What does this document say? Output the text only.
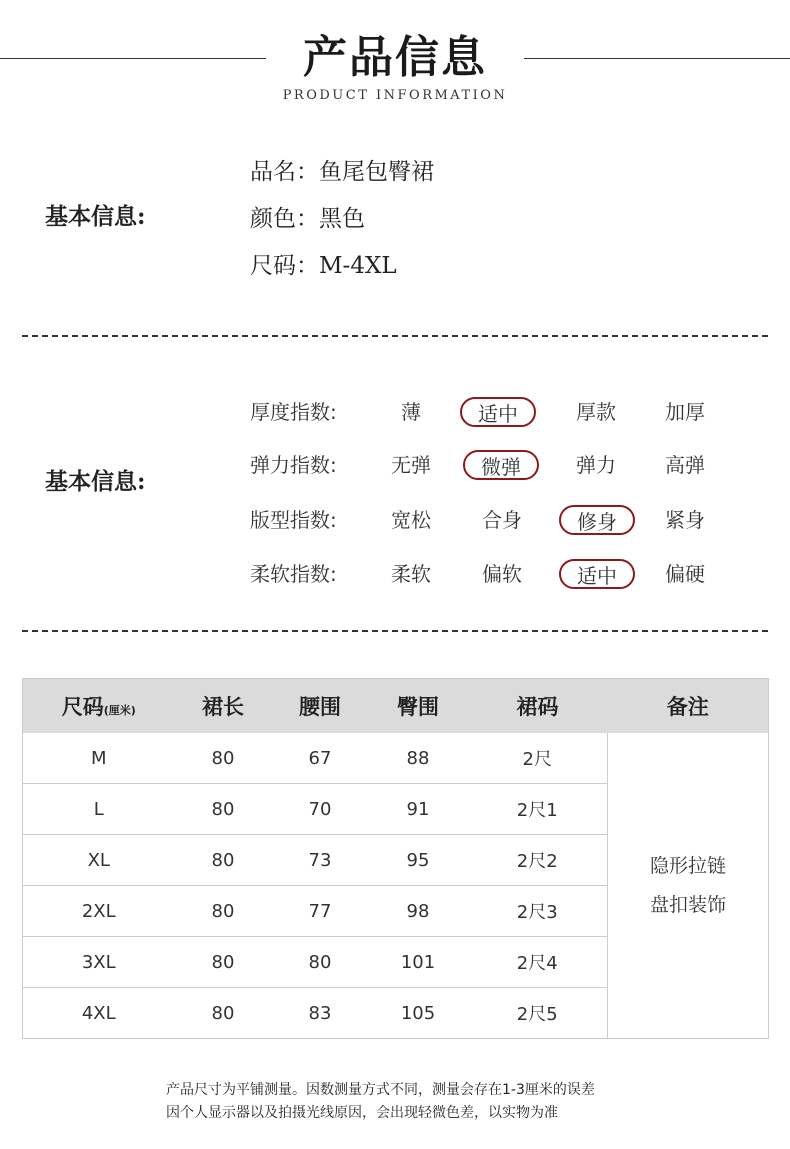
产品信息
PRODUCT INFORMATION
基本信息:
品名：鱼尾包臀裙
颜色：黑色
尺码：M-4XL
基本信息:
厚度指数:	薄	适中	厚款	加厚
弹力指数:	无弹	微弹	弹力	高弹
版型指数:	宽松	合身	修身	紧身
柔软指数:	柔软	偏软	适中	偏硬
尺码(厘米)	裙长	腰围	臀围	裙码	备注
M	80	67	88	2尺	隐形拉链
盘扣装饰

L	80	70	91	2尺1	
XL	80	73	95	2尺2	
2XL	80	77	98	2尺3	
3XL	80	80	101	2尺4	
4XL	80	83	105	2尺5	
产品尺寸为平铺测量。因数测量方式不同，测量会存在1-3厘米的误差
因个人显示器以及拍摄光线原因，会出现轻微色差，以实物为准
